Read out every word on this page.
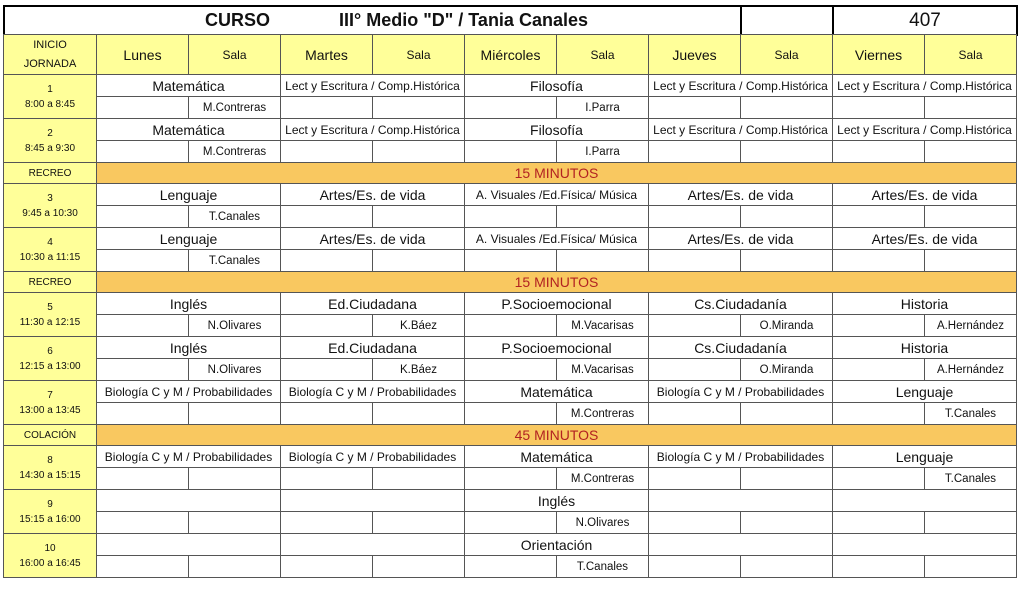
CURSO	III° Medio "D" / Tania Canales		407
INICIO
JORNADA	Lunes	Sala	Martes	Sala	Miércoles	Sala	Jueves	Sala	Viernes	Sala
1
8:00 a 8:45	Matemática		Lect y Escritura / Comp.Histórica		Filosofía		Lect y Escritura / Comp.Histórica		Lect y Escritura / Comp.Histórica	
		M.Contreras				I.Parra				
2
8:45 a 9:30	Matemática		Lect y Escritura / Comp.Histórica		Filosofía		Lect y Escritura / Comp.Histórica		Lect y Escritura / Comp.Histórica	
		M.Contreras				I.Parra				
RECREO	15 MINUTOS									
3
9:45 a 10:30	Lenguaje		Artes/Es. de vida		A. Visuales /Ed.Física/ Música		Artes/Es. de vida		Artes/Es. de vida	
		T.Canales								
4
10:30 a 11:15	Lenguaje		Artes/Es. de vida		A. Visuales /Ed.Física/ Música		Artes/Es. de vida		Artes/Es. de vida	
		T.Canales								
RECREO	15 MINUTOS									
5
11:30 a 12:15	Inglés		Ed.Ciudadana		P.Socioemocional		Cs.Ciudadanía		Historia	
		N.Olivares		K.Báez		M.Vacarisas		O.Miranda		A.Hernández
6
12:15 a 13:00	Inglés		Ed.Ciudadana		P.Socioemocional		Cs.Ciudadanía		Historia	
		N.Olivares		K.Báez		M.Vacarisas		O.Miranda		A.Hernández
7
13:00 a 13:45	Biología C y M / Probabilidades		Biología C y M / Probabilidades		Matemática		Biología C y M / Probabilidades		Lenguaje	
						M.Contreras				T.Canales
COLACIÓN	45 MINUTOS									
8
14:30 a 15:15	Biología C y M / Probabilidades		Biología C y M / Probabilidades		Matemática		Biología C y M / Probabilidades		Lenguaje	
						M.Contreras				T.Canales
9
15:15 a 16:00					Inglés					
						N.Olivares				
10
16:00 a 16:45					Orientación					
						T.Canales				
